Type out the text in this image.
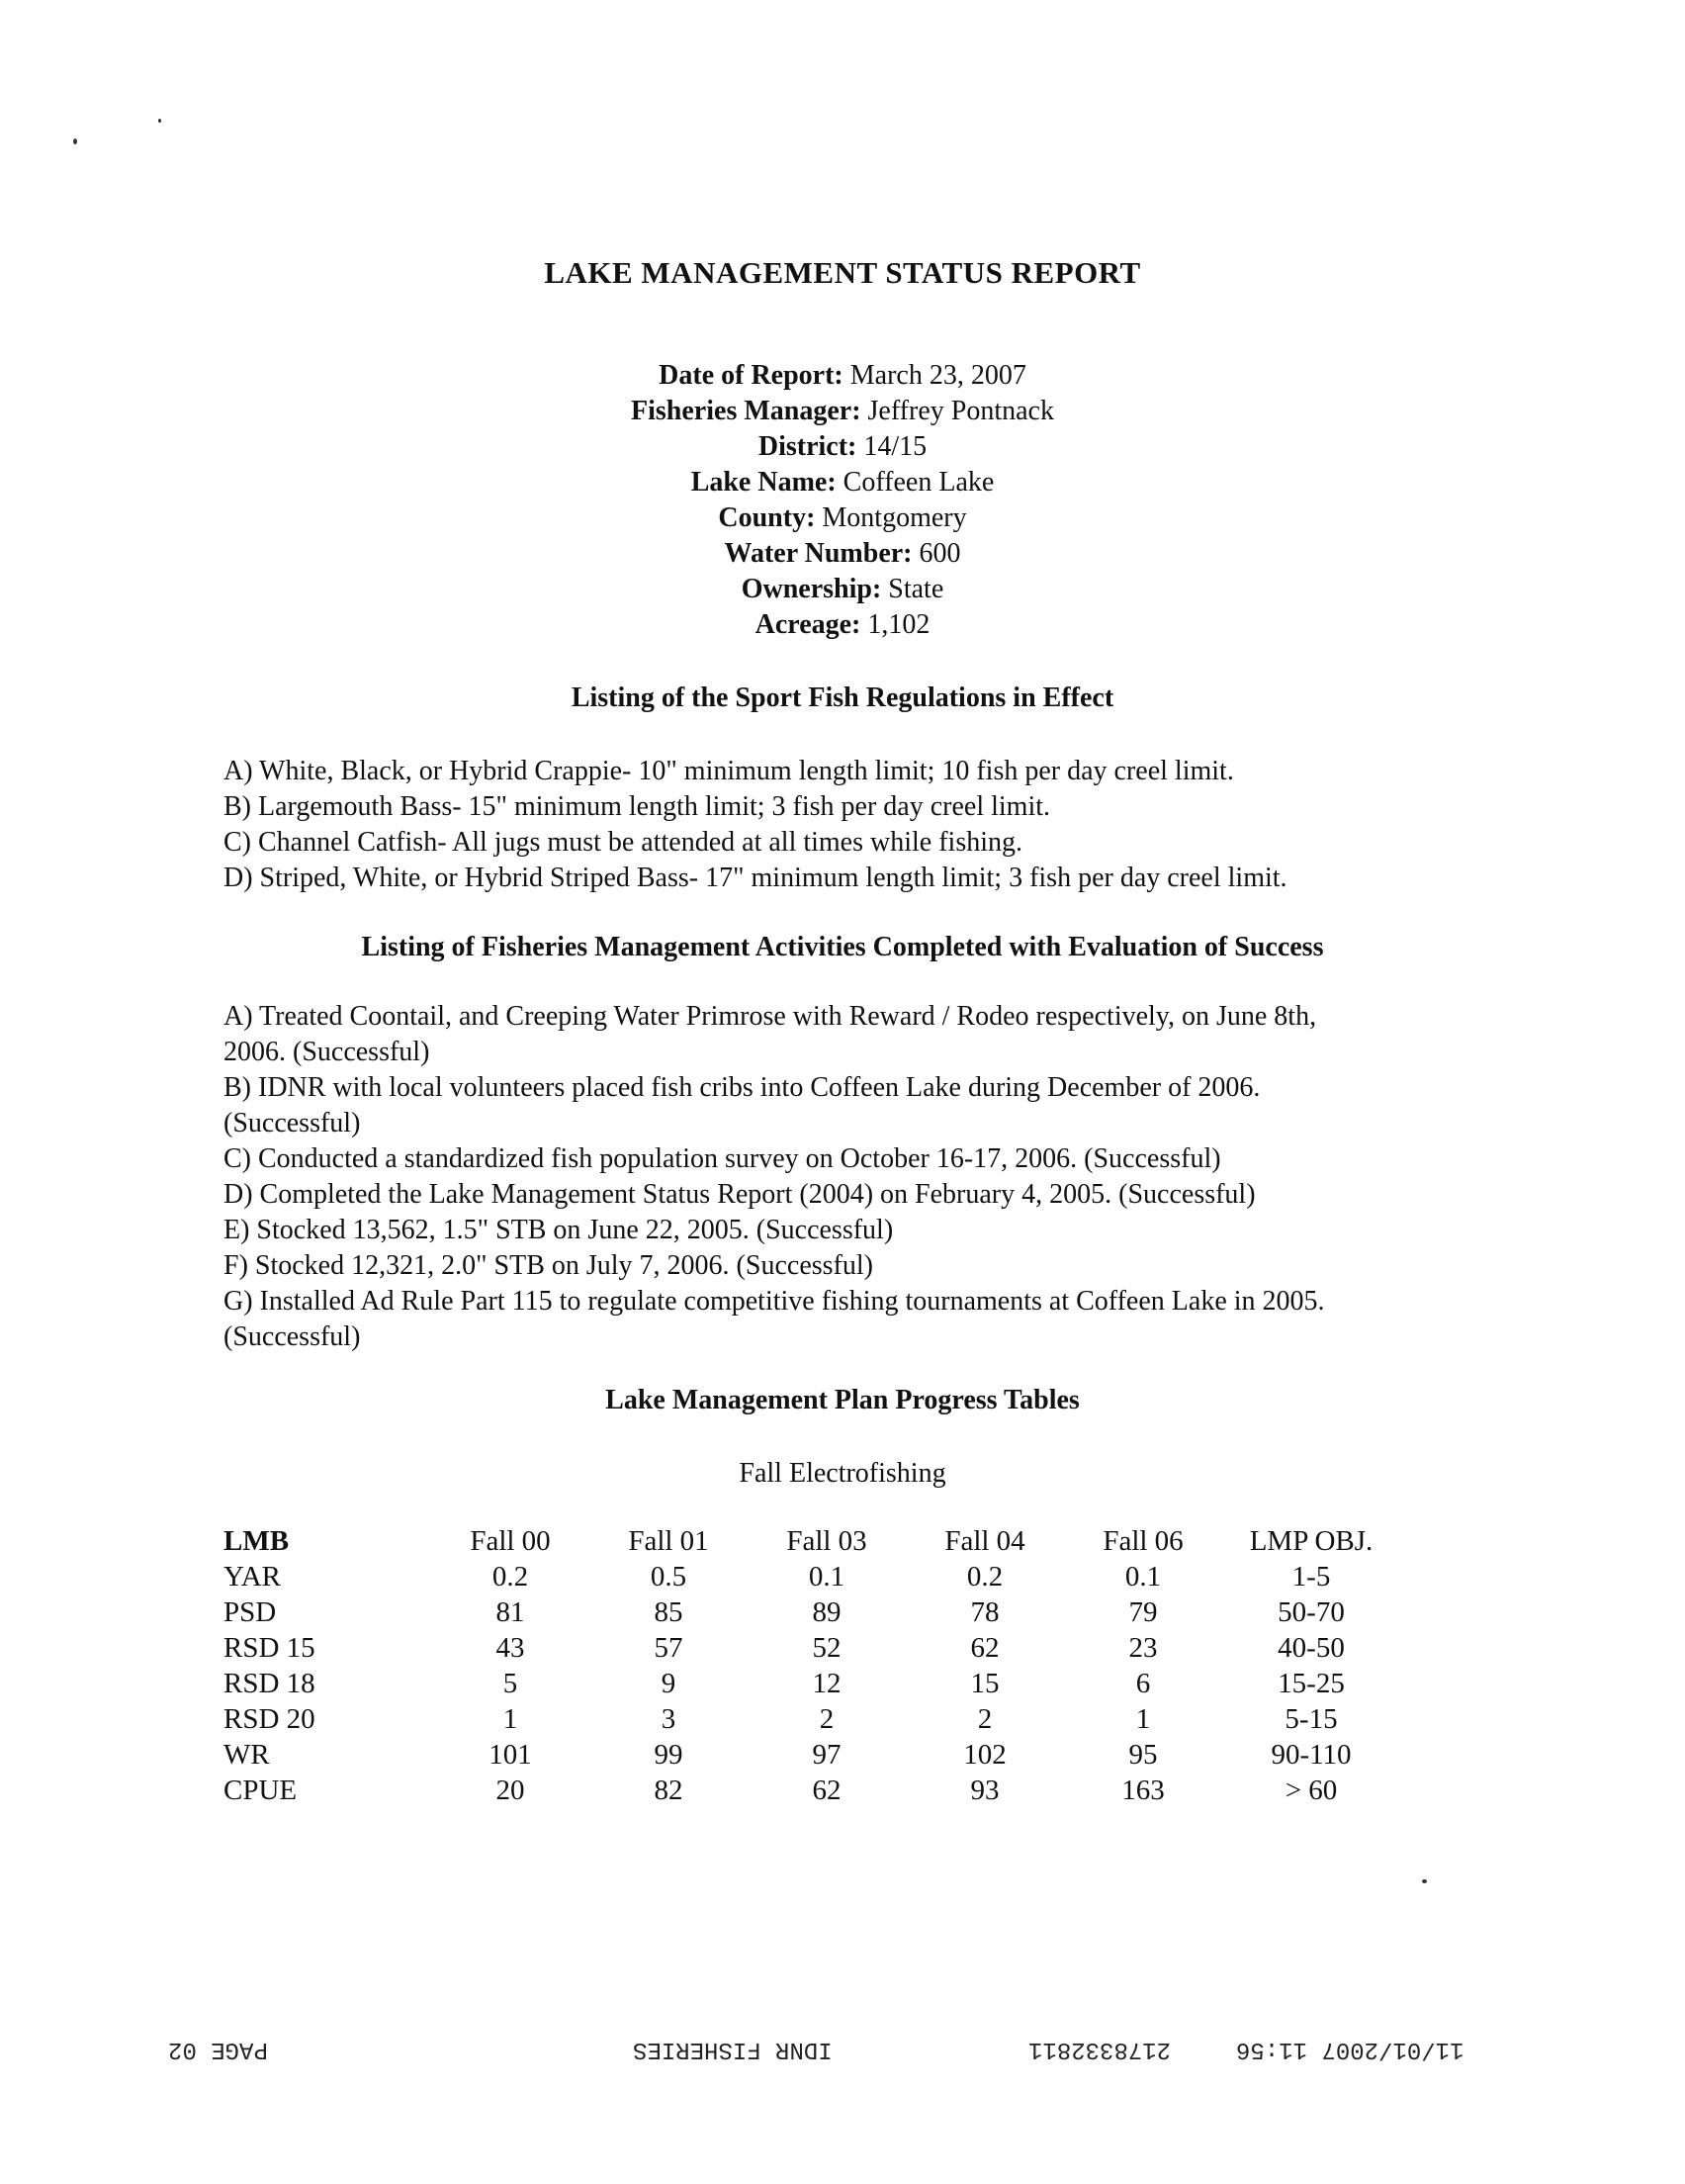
LAKE MANAGEMENT STATUS REPORT
Date of Report: March 23, 2007
Fisheries Manager: Jeffrey Pontnack
District: 14/15
Lake Name: Coffeen Lake
County: Montgomery
Water Number: 600
Ownership: State
Acreage: 1,102
Listing of the Sport Fish Regulations in Effect
A) White, Black, or Hybrid Crappie- 10" minimum length limit; 10 fish per day creel limit.
B) Largemouth Bass- 15" minimum length limit; 3 fish per day creel limit.
C) Channel Catfish- All jugs must be attended at all times while fishing.
D) Striped, White, or Hybrid Striped Bass- 17" minimum length limit; 3 fish per day creel limit.
Listing of Fisheries Management Activities Completed with Evaluation of Success
A) Treated Coontail, and Creeping Water Primrose with Reward / Rodeo respectively, on June 8th, 2006. (Successful)
B) IDNR with local volunteers placed fish cribs into Coffeen Lake during December of 2006. (Successful)
C) Conducted a standardized fish population survey on October 16-17, 2006. (Successful)
D) Completed the Lake Management Status Report (2004) on February 4, 2005. (Successful)
E) Stocked 13,562, 1.5" STB on June 22, 2005. (Successful)
F) Stocked 12,321, 2.0" STB on July 7, 2006. (Successful)
G) Installed Ad Rule Part 115 to regulate competitive fishing tournaments at Coffeen Lake in 2005. (Successful)
Lake Management Plan Progress Tables
Fall Electrofishing
LMB	Fall 00	Fall 01	Fall 03	Fall 04	Fall 06	LMP OBJ.
YAR	0.2	0.5	0.1	0.2	0.1	1-5
PSD	81	85	89	78	79	50-70
RSD 15	43	57	52	62	23	40-50
RSD 18	5	9	12	15	6	15-25
RSD 20	1	3	2	2	1	5-15
WR	101	99	97	102	95	90-110
CPUE	20	82	62	93	163	> 60
PAGE 02	IDNR FISHERIES	2178332811	11/01/2007 11:56
